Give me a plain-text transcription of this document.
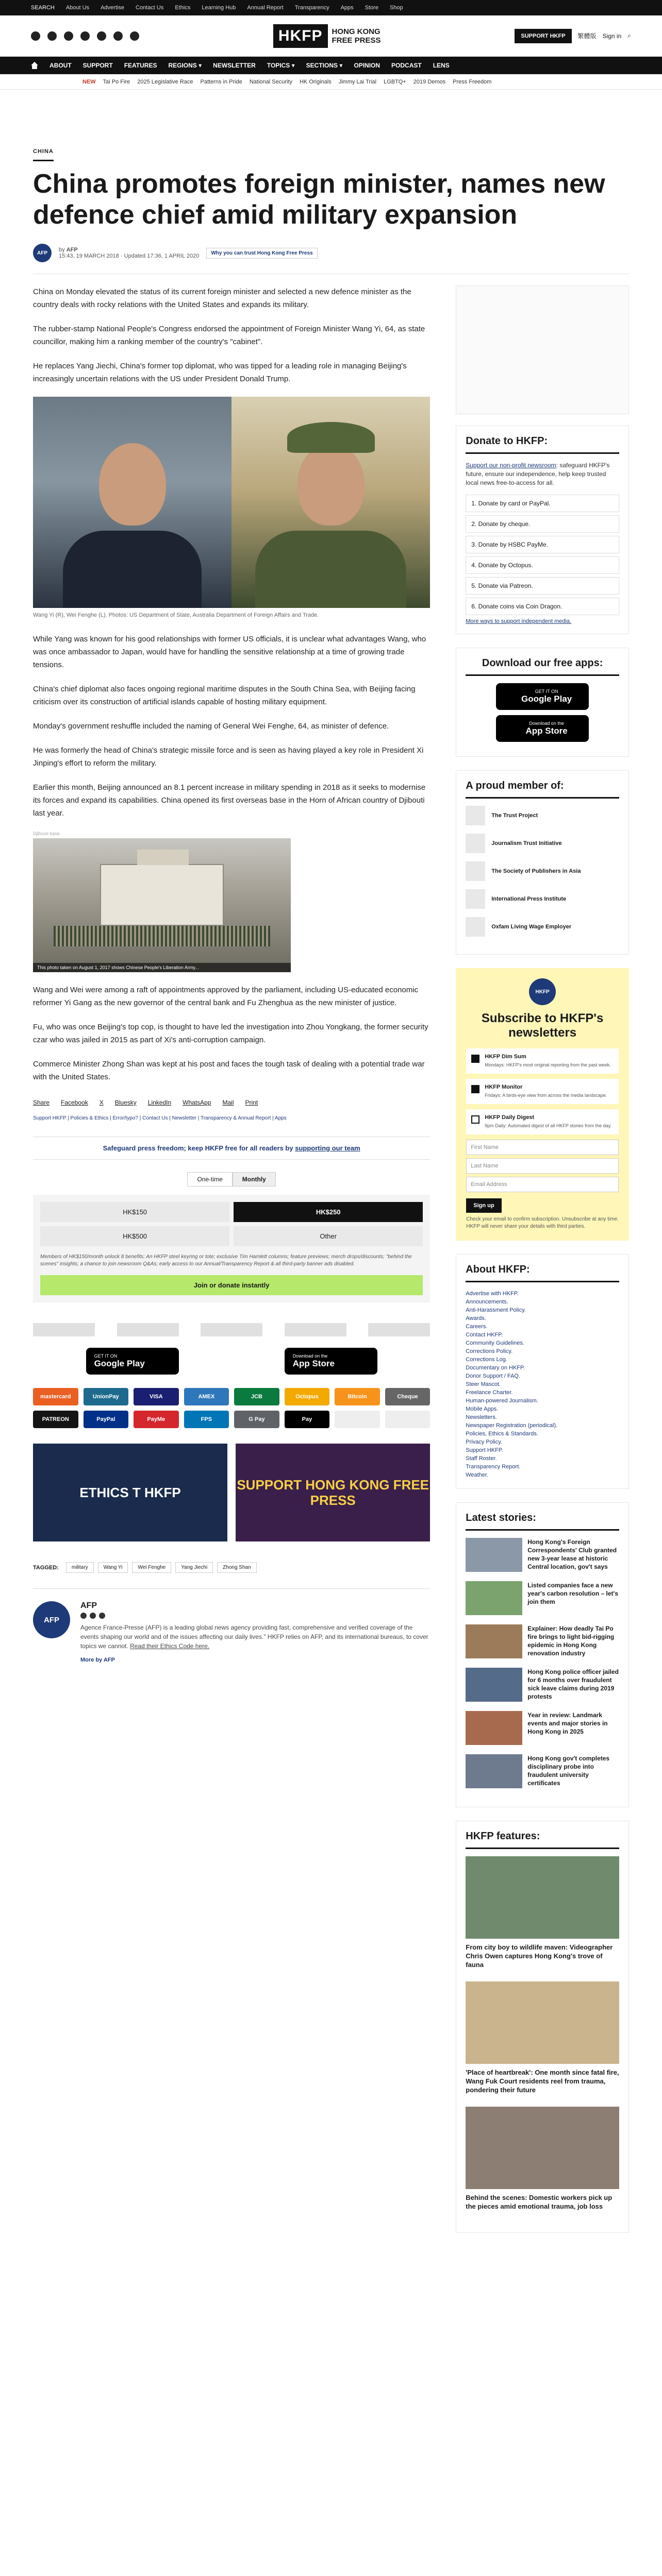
SEARCH About Us Advertise Contact Us Ethics Learning Hub Annual Report Transparency Apps Store Shop
HKFP	HONG KONG
FREE PRESS	SUPPORT HKFP	繁體版 Sign in ⌕
ABOUT SUPPORT FEATURES REGIONS ▾ NEWSLETTER TOPICS ▾ SECTIONS ▾ OPINION PODCAST LENS
NEW Tai Po Fire 2025 Legislative Race Patterns in Pride National Security HK Originals Jimmy Lai Trial LGBTQ+ 2019 Demos Press Freedom
CHINA
China promotes foreign minister, names new defence chief amid military expansion
AFP	by AFP
15:43, 19 MARCH 2018 · Updated 17:36, 1 APRIL 2020	Why you can trust Hong Kong Free Press

China on Monday elevated the status of its current foreign minister and selected a new defence minister as the country deals with rocky relations with the United States and expands its military.

The rubber-stamp National People's Congress endorsed the appointment of Foreign Minister Wang Yi, 64, as state councillor, making him a ranking member of the country's "cabinet".

He replaces Yang Jiechi, China's former top diplomat, who was tipped for a leading role in managing Beijing's increasingly uncertain relations with the US under President Donald Trump.

Wang Yi (R), Wei Fenghe (L). Photos: US Department of State, Australia Department of Foreign Affairs and Trade.

While Yang was known for his good relationships with former US officials, it is unclear what advantages Wang, who was once ambassador to Japan, would have for handling the sensitive relationship at a time of growing trade tensions.

China's chief diplomat also faces ongoing regional maritime disputes in the South China Sea, with Beijing facing criticism over its construction of artificial islands capable of hosting military equipment.

Monday's government reshuffle included the naming of General Wei Fenghe, 64, as minister of defence.

He was formerly the head of China's strategic missile force and is seen as having played a key role in President Xi Jinping's effort to reform the military.

Earlier this month, Beijing announced an 8.1 percent increase in military spending in 2018 as it seeks to modernise its forces and expand its capabilities. China opened its first overseas base in the Horn of African country of Djibouti last year.

Djibouti base
This photo taken on August 1, 2017 shows Chinese People's Liberation Army...

Wang and Wei were among a raft of appointments approved by the parliament, including US-educated economic reformer Yi Gang as the new governor of the central bank and Fu Zhenghua as the new minister of justice.

Fu, who was once Beijing's top cop, is thought to have led the investigation into Zhou Yongkang, the former security czar who was jailed in 2015 as part of Xi's anti-corruption campaign.

Commerce Minister Zhong Shan was kept at his post and faces the tough task of dealing with a potential trade war with the United States.

Share Facebook X Bluesky LinkedIn WhatsApp Mail Print
Support HKFP | Policies & Ethics | Error/typo? | Contact Us | Newsletter | Transparency & Annual Report | Apps
Safeguard press freedom; keep HKFP free for all readers by supporting our team
One-time	Monthly
HK$150	HK$250
HK$500	Other
Members of HK$150/month unlock 8 benefits: An HKFP steel keyring or tote; exclusive Tim Hamlett columns; feature previews; merch drops/discounts; "behind the scenes" insights; a chance to join newsroom Q&As; early access to our Annual/Transparency Report & all third-party banner ads disabled.
Join or donate instantly
GET IT ON
Google Play
Download on the
App Store
mastercard	UnionPay	VISA	AMEX	JCB	Octopus	Bitcoin	Cheque
PATREON	PayPal	PayMe	FPS	G Pay	Pay
ETHICS T HKFP	SUPPORT HONG KONG FREE PRESS
TAGGED:	military	Wang Yi	Wei Fenghe	Yang Jiechi	Zhong Shan
AFP
AFP

Agence France-Presse (AFP) is a leading global news agency providing fast, comprehensive and verified coverage of the events shaping our world and of the issues affecting our daily lives." HKFP relies on AFP, and its international bureaus, to cover topics we cannot. Read their Ethics Code here.

More by AFP
Donate to HKFP:

Support our non-profit newsroom: safeguard HKFP's future, ensure our independence, help keep trusted local news free-to-access for all.

1. Donate by card or PayPal.
2. Donate by cheque.
3. Donate by HSBC PayMe.
4. Donate by Octopus.
5. Donate via Patreon.
6. Donate coins via Coin Dragon.
More ways to support independent media.
Download our free apps:
GET IT ON
Google Play
Download on the
App Store
A proud member of:
The Trust Project
Journalism Trust Initiative
The Society of Publishers in Asia
International Press Institute
Oxfam Living Wage Employer
HKFP
Subscribe to HKFP's newsletters
HKFP Dim Sum
Mondays: HKFP's most original reporting from the past week.
HKFP Monitor
Fridays: A birds-eye view from across the media landscape.
HKFP Daily Digest
9pm Daily: Automated digest of all HKFP stories from the day.
First Name
Last Name
Email Address
Sign up
Check your email to confirm subscription. Unsubscribe at any time. HKFP will never share your details with third parties.
About HKFP:
Advertise with HKFP.
Announcements.
Anti-Harassment Policy.
Awards.
Careers.
Contact HKFP.
Community Guidelines.
Corrections Policy.
Corrections Log.
Documentary on HKFP.
Donor Support / FAQ.
Steer Mascot.
Freelance Charter.
Human-powered Journalism.
Mobile Apps.
Newsletters.
Newspaper Registration (periodical).
Policies, Ethics & Standards.
Privacy Policy.
Support HKFP.
Staff Roster.
Transparency Report.
Weather.
Latest stories:
Hong Kong's Foreign Correspondents' Club granted new 3-year lease at historic Central location, gov't says
Listed companies face a new year's carbon resolution – let's join them
Explainer: How deadly Tai Po fire brings to light bid-rigging epidemic in Hong Kong renovation industry
Hong Kong police officer jailed for 6 months over fraudulent sick leave claims during 2019 protests
Year in review: Landmark events and major stories in Hong Kong in 2025
Hong Kong gov't completes disciplinary probe into fraudulent university certificates
HKFP features:
From city boy to wildlife maven: Videographer Chris Owen captures Hong Kong's trove of fauna
'Place of heartbreak': One month since fatal fire, Wang Fuk Court residents reel from trauma, pondering their future
Behind the scenes: Domestic workers pick up the pieces amid emotional trauma, job loss
